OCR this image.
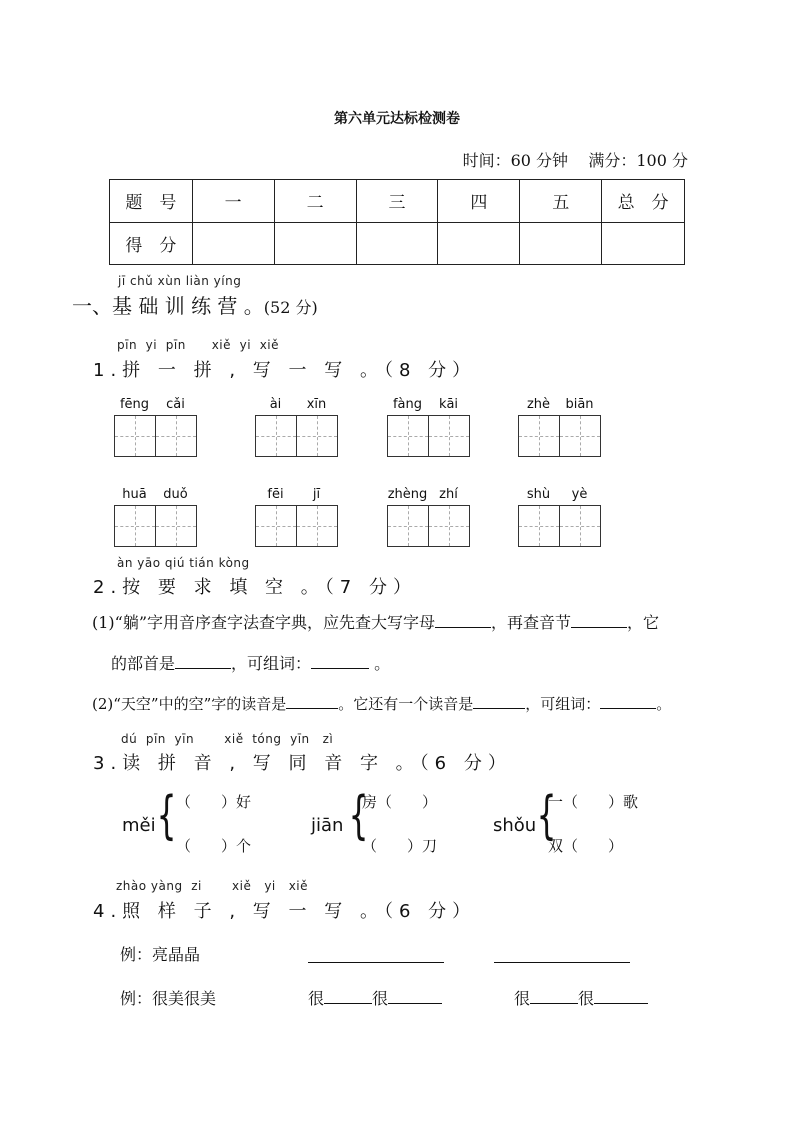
第六单元达标检测卷
时间：60 分钟 满分：100 分
题　号	一	二	三	四	五	总　分
得　分						
jī chǔ xùn liàn yíng
一、基 础 训 练 营 。(52 分)
pīn  yi  pīn      xiě  yi  xiě
1.拼 一 拼 , 写 一 写 。（8 分）
fēng cǎi	ài xīn	fàng kāi	zhè biān
huā duǒ	fēi jī	zhèng zhí	shù yè
àn yāo qiú tián kòng
2.按 要 求 填 空 。（7 分）
(1)“躺”字用音序查字法查字典，应先查大写字母	，再查音节	，它
的部首是	，可组词：	。
(2)“天空”中的空”字的读音是	。它还有一个读音是	，可组词：	。
dú  pīn  yīn       xiě  tóng  yīn   zì
3.读 拼 音 , 写 同 音 字 。（6 分）
měi { （　　）好
（　　）个
jiān {
房（　　）
（　　）刀
shǒu {
一（　　）歌
双（　　）
zhào yàng  zi       xiě   yi   xiě
4.照 样 子 , 写 一 写 。（6 分）
例：亮晶晶
例：很美很美	很	很	很	很
